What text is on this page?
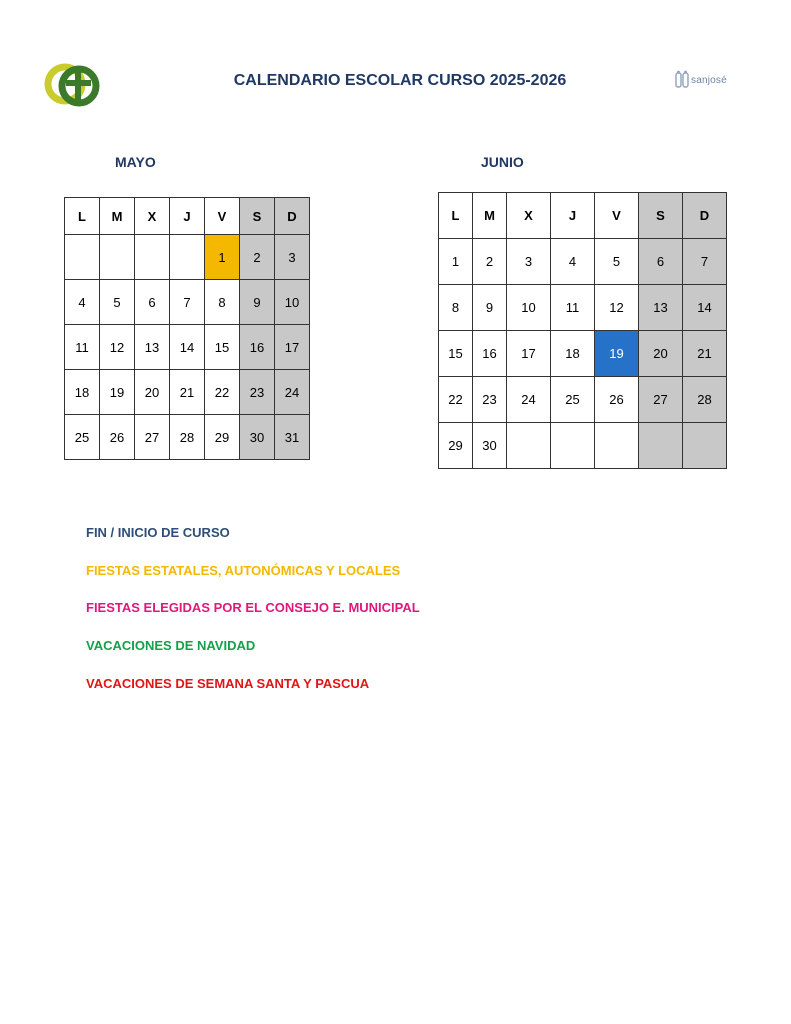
CALENDARIO ESCOLAR CURSO 2025-2026	sanjosé
MAYO	JUNIO
L	M	X	J	V	S	D
				1	2	3
4	5	6	7	8	9	10
11	12	13	14	15	16	17
18	19	20	21	22	23	24
25	26	27	28	29	30	31
L	M	X	J	V	S	D
1	2	3	4	5	6	7
8	9	10	11	12	13	14
15	16	17	18	19	20	21
22	23	24	25	26	27	28
29	30					
FIN / INICIO DE CURSO
FIESTAS ESTATALES, AUTONÓMICAS Y LOCALES
FIESTAS ELEGIDAS POR EL CONSEJO E. MUNICIPAL
VACACIONES DE NAVIDAD
VACACIONES DE SEMANA SANTA Y PASCUA
